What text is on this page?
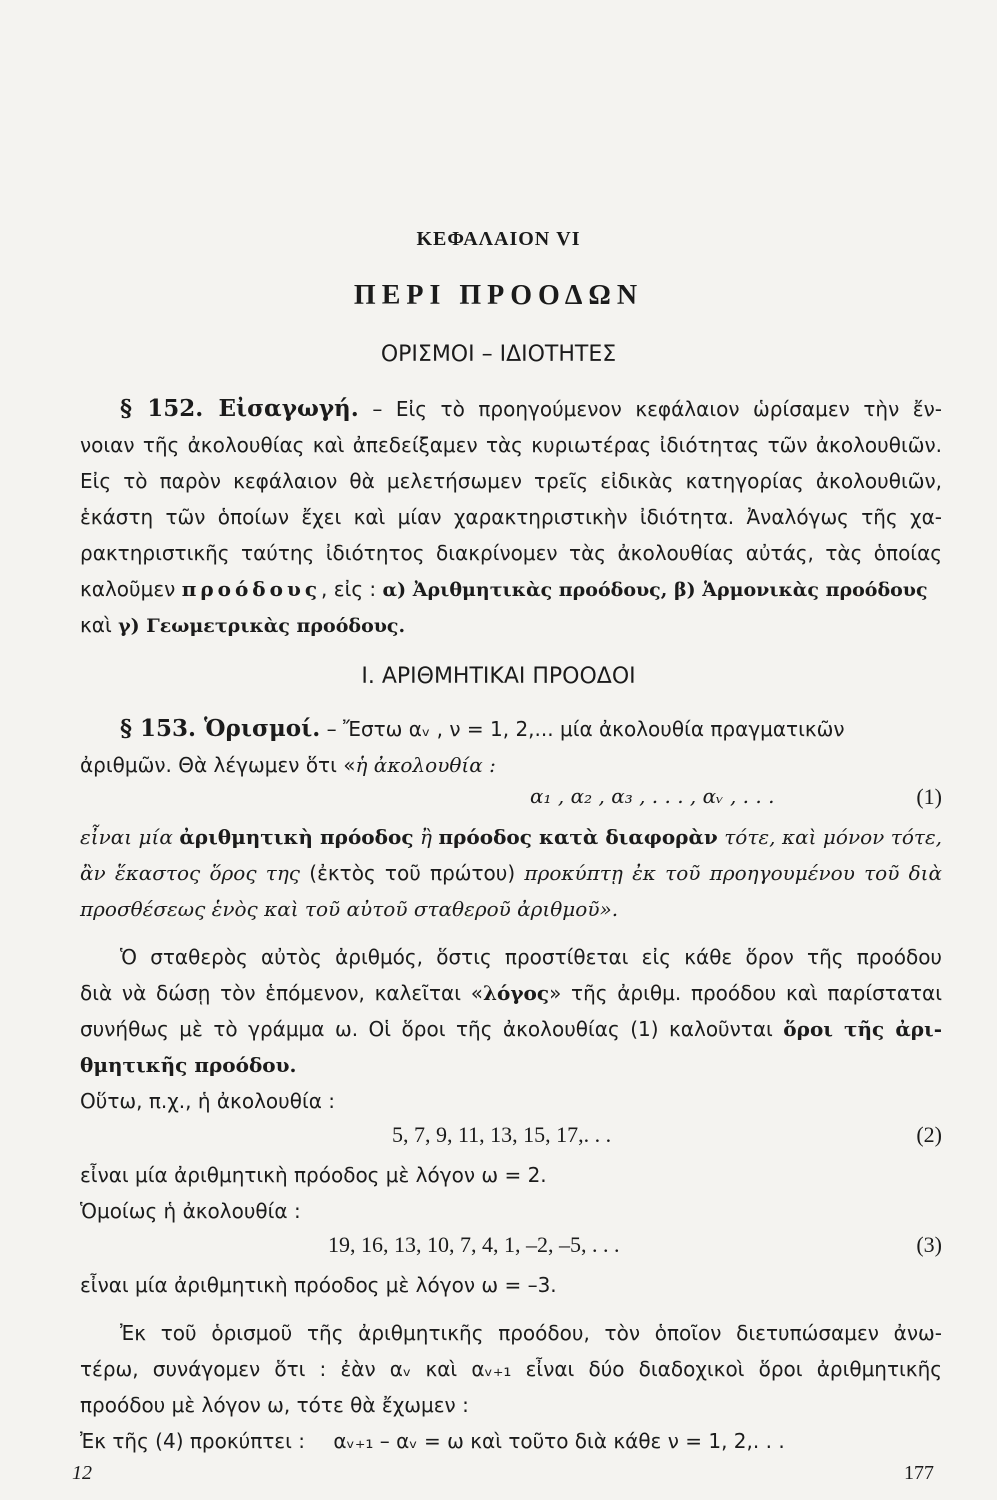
ΚΕΦΑΛΑΙΟΝ VI
ΠΕΡΙ ΠΡΟΟΔΩΝ
ΟΡΙΣΜΟΙ – ΙΔΙΟΤΗΤΕΣ
§ 152. Εἰσαγωγή. – Εἰς τὸ προηγούμενον κεφάλαιον ὡρίσαμεν τὴν ἔν-
νοιαν τῆς ἀκολουθίας καὶ ἀπεδείξαμεν τὰς κυριωτέρας ἰδιότητας τῶν ἀκολουθιῶν.
Εἰς τὸ παρὸν κεφάλαιον θὰ μελετήσωμεν τρεῖς εἰδικὰς κατηγορίας ἀκολουθιῶν,
ἑκάστη τῶν ὁποίων ἔχει καὶ μίαν χαρακτηριστικὴν ἰδιότητα. Ἀναλόγως τῆς χα-
ρακτηριστικῆς ταύτης ἰδιότητος διακρίνομεν τὰς ἀκολουθίας αὐτάς, τὰς ὁποίας
καλοῦμεν προόδους, εἰς : α) Ἀριθμητικὰς προόδους, β) Ἁρμονικὰς προόδους
καὶ γ) Γεωμετρικὰς προόδους.
Ι. ΑΡΙΘΜΗΤΙΚΑΙ ΠΡΟΟΔΟΙ
§ 153. Ὁρισμοί. – Ἔστω αᵥ , ν = 1, 2,... μία ἀκολουθία πραγματικῶν
ἀριθμῶν. Θὰ λέγωμεν ὅτι «ἡ ἀκολουθία :
α₁ , α₂ , α₃ , . . . , αᵥ , . . .	(1)
εἶναι μία ἀριθμητικὴ πρόοδος ἢ πρόοδος κατὰ διαφορὰν τότε, καὶ μόνον τότε,
ἂν ἕκαστος ὅρος της (ἐκτὸς τοῦ πρώτου) προκύπτῃ ἐκ τοῦ προηγουμένου τοῦ διὰ
προσθέσεως ἑνὸς καὶ τοῦ αὐτοῦ σταθεροῦ ἀριθμοῦ».
Ὁ σταθερὸς αὐτὸς ἀριθμός, ὅστις προστίθεται εἰς κάθε ὅρον τῆς προόδου
διὰ νὰ δώσῃ τὸν ἑπόμενον, καλεῖται «λόγος» τῆς ἀριθμ. προόδου καὶ παρίσταται
συνήθως μὲ τὸ γράμμα ω. Οἱ ὅροι τῆς ἀκολουθίας (1) καλοῦνται ὅροι τῆς ἀρι-
θμητικῆς προόδου.
Οὕτω, π.χ., ἡ ἀκολουθία :
5, 7, 9, 11, 13, 15, 17,. . .	(2)
εἶναι μία ἀριθμητικὴ πρόοδος μὲ λόγον ω = 2.
Ὁμοίως ἡ ἀκολουθία :
19, 16, 13, 10, 7, 4, 1, –2, –5, . . .	(3)
εἶναι μία ἀριθμητικὴ πρόοδος μὲ λόγον ω = –3.
Ἐκ τοῦ ὁρισμοῦ τῆς ἀριθμητικῆς προόδου, τὸν ὁποῖον διετυπώσαμεν ἀνω-
τέρω, συνάγομεν ὅτι : ἐὰν αᵥ καὶ αᵥ₊₁ εἶναι δύο διαδοχικοὶ ὅροι ἀριθμητικῆς
προόδου μὲ λόγον ω, τότε θὰ ἔχωμεν :
Ἐκ τῆς (4) προκύπτει : αᵥ₊₁ – αᵥ = ω καὶ τοῦτο διὰ κάθε ν = 1, 2,. . .
12	177
